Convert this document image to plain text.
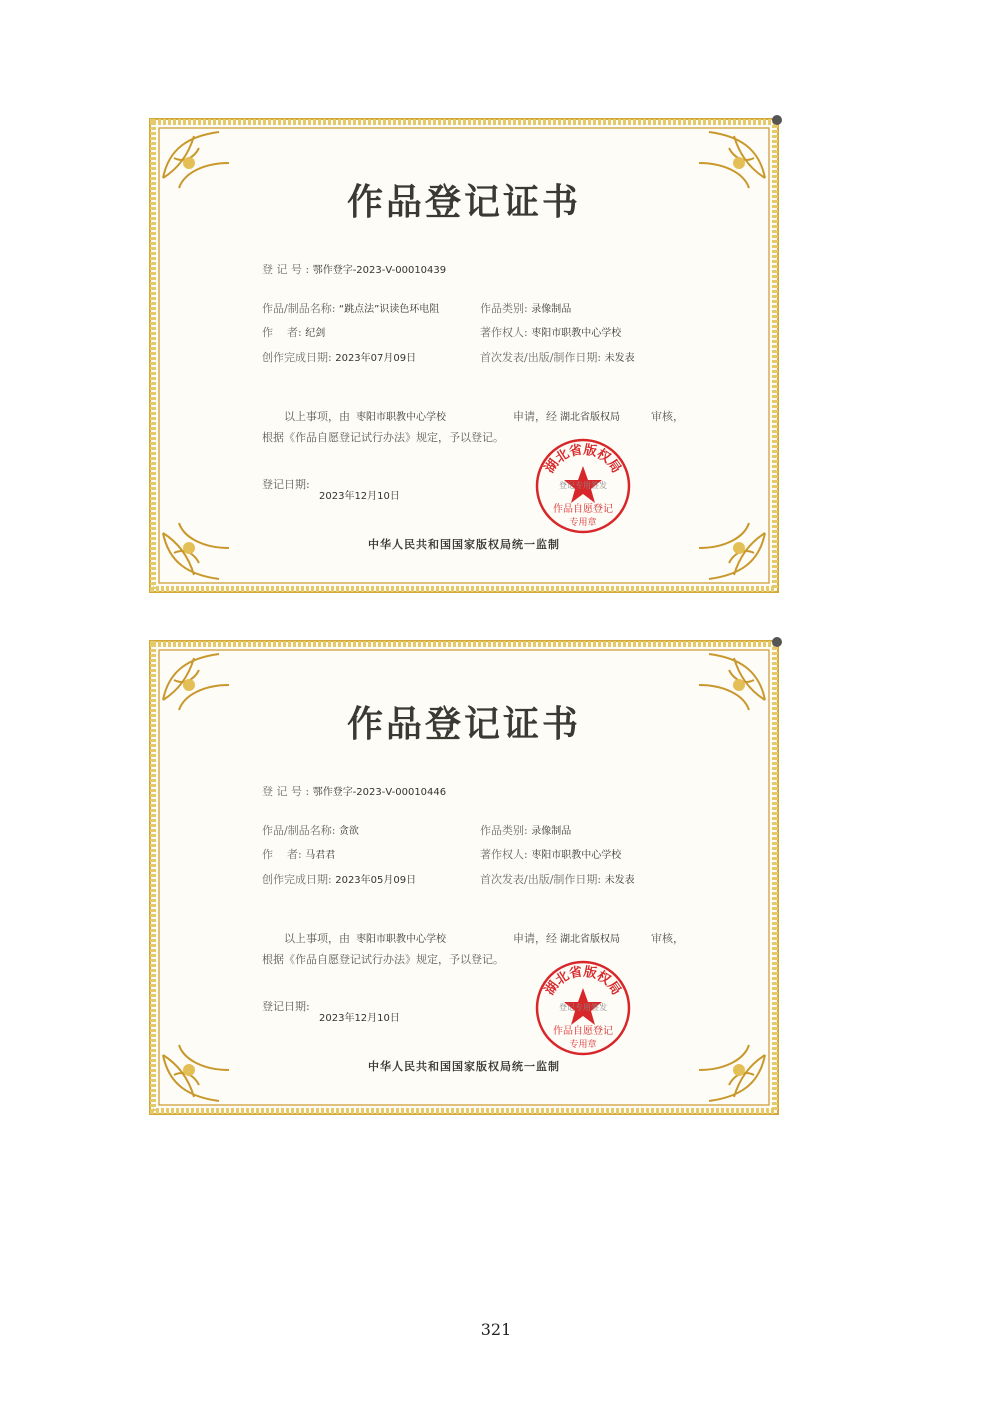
作品登记证书
登 记 号 : 鄂作登字-2023-V-00010439
作品/制品名称: “跳点法”识读色环电阻	作品类别: 录像制品
作    者: 纪剑	著作权人: 枣阳市职教中心学校
创作完成日期: 2023年07月09日	首次发表/出版/制作日期: 未发表
以上事项，由 枣阳市职教中心学校	申请，经 湖北省版权局	审核，
根据《作品自愿登记试行办法》规定，予以登记。
登记日期:
2023年12月10日
湖北省版权局
登记专用签发
作品自愿登记
专用章
中华人民共和国国家版权局统一监制
作品登记证书
登 记 号 : 鄂作登字-2023-V-00010446
作品/制品名称: 贪欲	作品类别: 录像制品
作    者: 马君君	著作权人: 枣阳市职教中心学校
创作完成日期: 2023年05月09日	首次发表/出版/制作日期: 未发表
以上事项，由 枣阳市职教中心学校	申请，经 湖北省版权局	审核，
根据《作品自愿登记试行办法》规定，予以登记。
登记日期:
2023年12月10日
湖北省版权局
登记专用签发
作品自愿登记
专用章
中华人民共和国国家版权局统一监制
321
